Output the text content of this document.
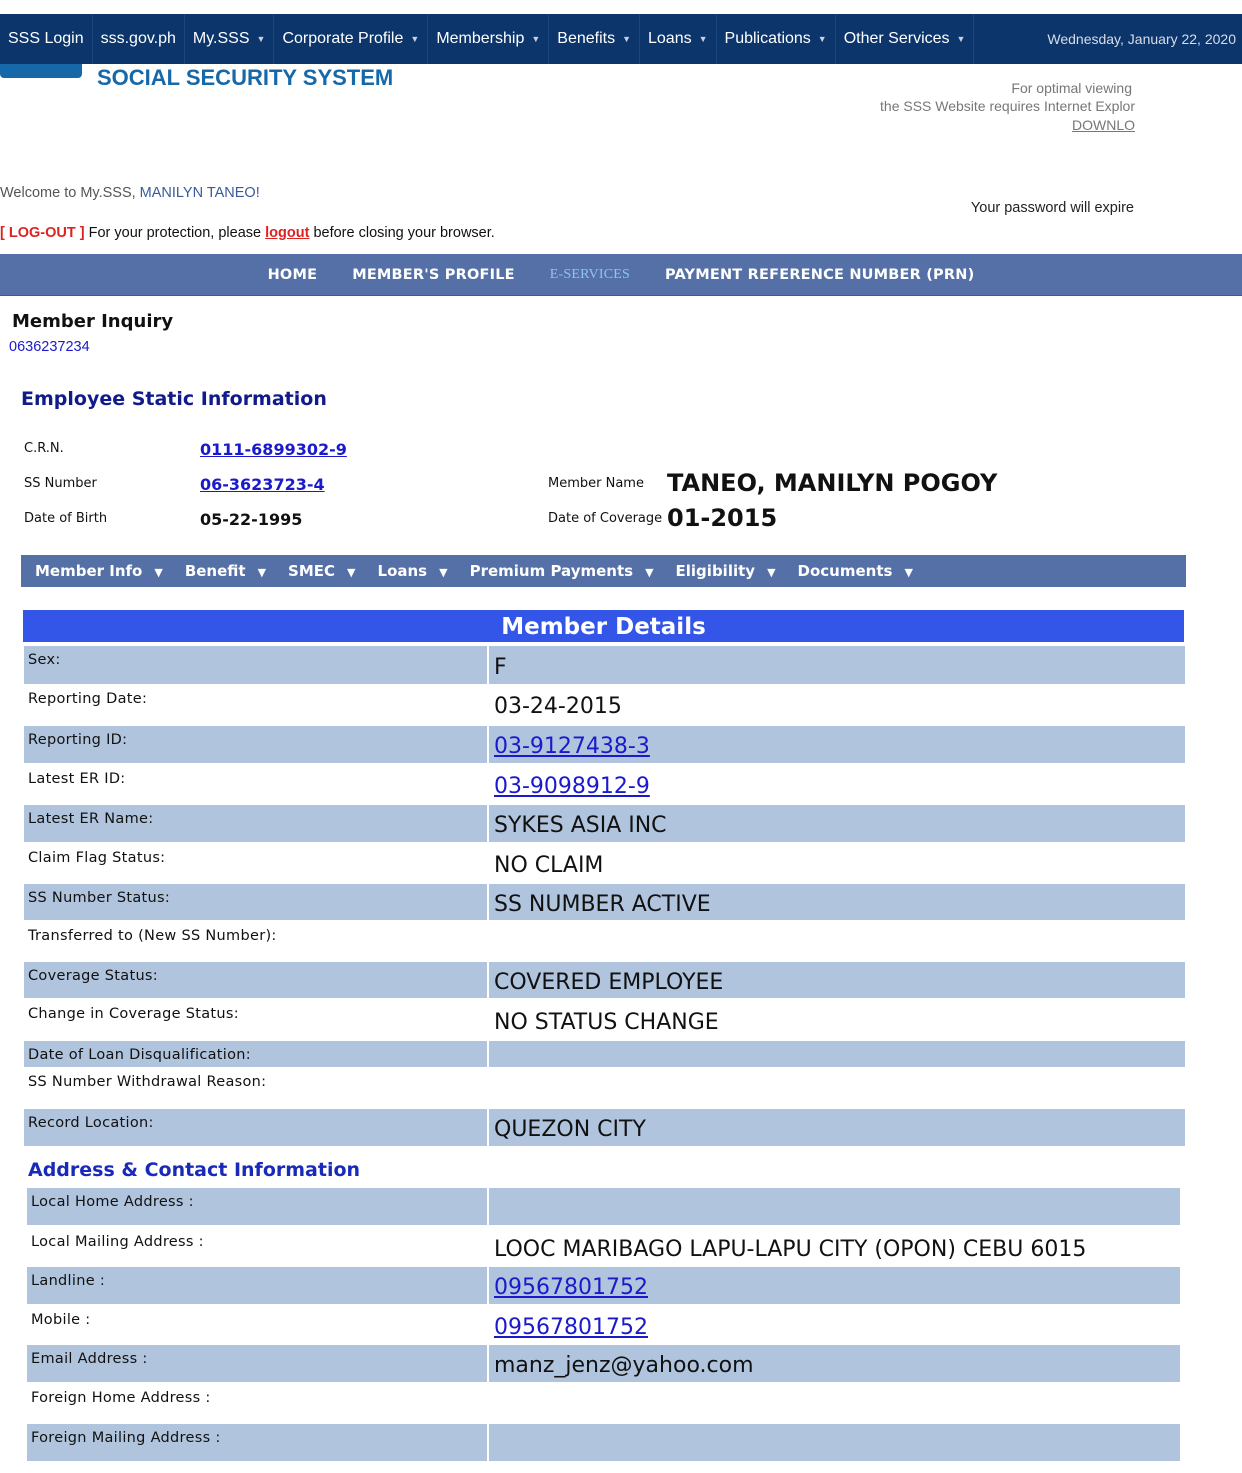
SSS Login sss.gov.ph My.SSS ▼ Corporate Profile ▼ Membership ▼ Benefits ▼ Loans ▼ Publications ▼ Other Services ▼	Wednesday, January 22, 2020
SOCIAL SECURITY SYSTEM	For optimal viewing
the SSS Website requires Internet Explor
DOWNLO
Welcome to My.SSS, MANILYN TANEO!
Your password will expire
[ LOG-OUT ] For your protection, please logout before closing your browser.
HOME MEMBER'S PROFILE	E-SERVICES PAYMENT REFERENCE NUMBER (PRN)
Member Inquiry
0636237234
Employee Static Information
C.R.N.	0111-6899302-9
SS Number	06-3623723-4
Date of Birth	05-22-1995
Member Name TANEO, MANILYN POGOY
Date of Coverage 01-2015
Member Info ▼ Benefit ▼ SMEC ▼ Loans ▼ Premium Payments ▼ Eligibility ▼ Documents ▼
Member Details
Address & Contact Information
Sex:	F
Reporting Date:	03-24-2015
Reporting ID:	03-9127438-3
Latest ER ID:	03-9098912-9
Latest ER Name:	SYKES ASIA INC
Claim Flag Status:	NO CLAIM
SS Number Status:	SS NUMBER ACTIVE
Transferred to (New SS Number):
Coverage Status:	COVERED EMPLOYEE
Change in Coverage Status:	NO STATUS CHANGE
Date of Loan Disqualification:
SS Number Withdrawal Reason:
Record Location:	QUEZON CITY
Local Home Address :
Local Mailing Address :	LOOC MARIBAGO LAPU-LAPU CITY (OPON) CEBU 6015
Landline :	09567801752
Mobile :	09567801752
Email Address :	manz_jenz@yahoo.com
Foreign Home Address :
Foreign Mailing Address :
